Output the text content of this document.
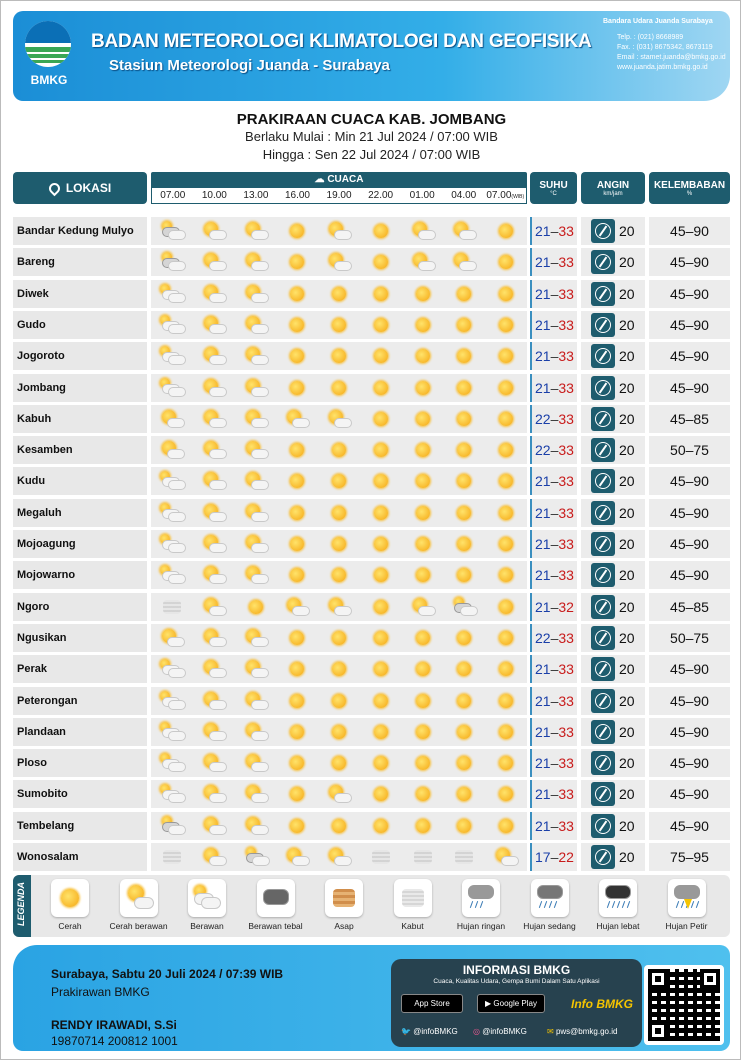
BMKG
BADAN METEOROLOGI KLIMATOLOGI DAN GEOFISIKA
Stasiun Meteorologi Juanda - Surabaya
Bandara Udara Juanda Surabaya
Telp. : (021) 8668989
Fax. : (031) 8675342, 8673119
Email : stamet.juanda@bmkg.go.id
www.juanda.jatim.bmkg.go.id
PRAKIRAAN CUACA KAB. JOMBANG
Berlaku Mulai : Min 21 Jul 2024 / 07:00 WIB
Hingga : Sen 22 Jul 2024 / 07:00 WIB
LOKASI
☁ CUACA
07.00	10.00	13.00	16.00	19.00	22.00	01.00	04.00	07.00(WIB)
SUHU
°C
ANGIN
km/jam
KELEMBABAN
%
Bandar Kedung Mulyo	21–33	20	45–90
Bareng	21–33	20	45–90
Diwek	21–33	20	45–90
Gudo	21–33	20	45–90
Jogoroto	21–33	20	45–90
Jombang	21–33	20	45–90
Kabuh	22–33	20	45–85
Kesamben	22–33	20	50–75
Kudu	21–33	20	45–90
Megaluh	21–33	20	45–90
Mojoagung	21–33	20	45–90
Mojowarno	21–33	20	45–90
Ngoro	21–32	20	45–85
Ngusikan	22–33	20	50–75
Perak	21–33	20	45–90
Peterongan	21–33	20	45–90
Plandaan	21–33	20	45–90
Ploso	21–33	20	45–90
Sumobito	21–33	20	45–90
Tembelang	21–33	20	45–90
Wonosalam	17–22	20	75–95
LEGENDA	Cerah	Cerah berawan	Berawan	Berawan tebal	Asap	Kabut	Hujan ringan	Hujan sedang	Hujan lebat	Hujan Petir
Surabaya, Sabtu 20 Juli 2024 / 07:39 WIB
Prakirawan BMKG
RENDY IRAWADI, S.Si
19870714 200812 1001
INFORMASI BMKG
Cuaca, Kualitas Udara, Gempa Bumi Dalam Satu Aplikasi
App Store	▶ Google Play	Info BMKG
🐦 @infoBMKG ◎ @infoBMKG	✉ pws@bmkg.go.id
